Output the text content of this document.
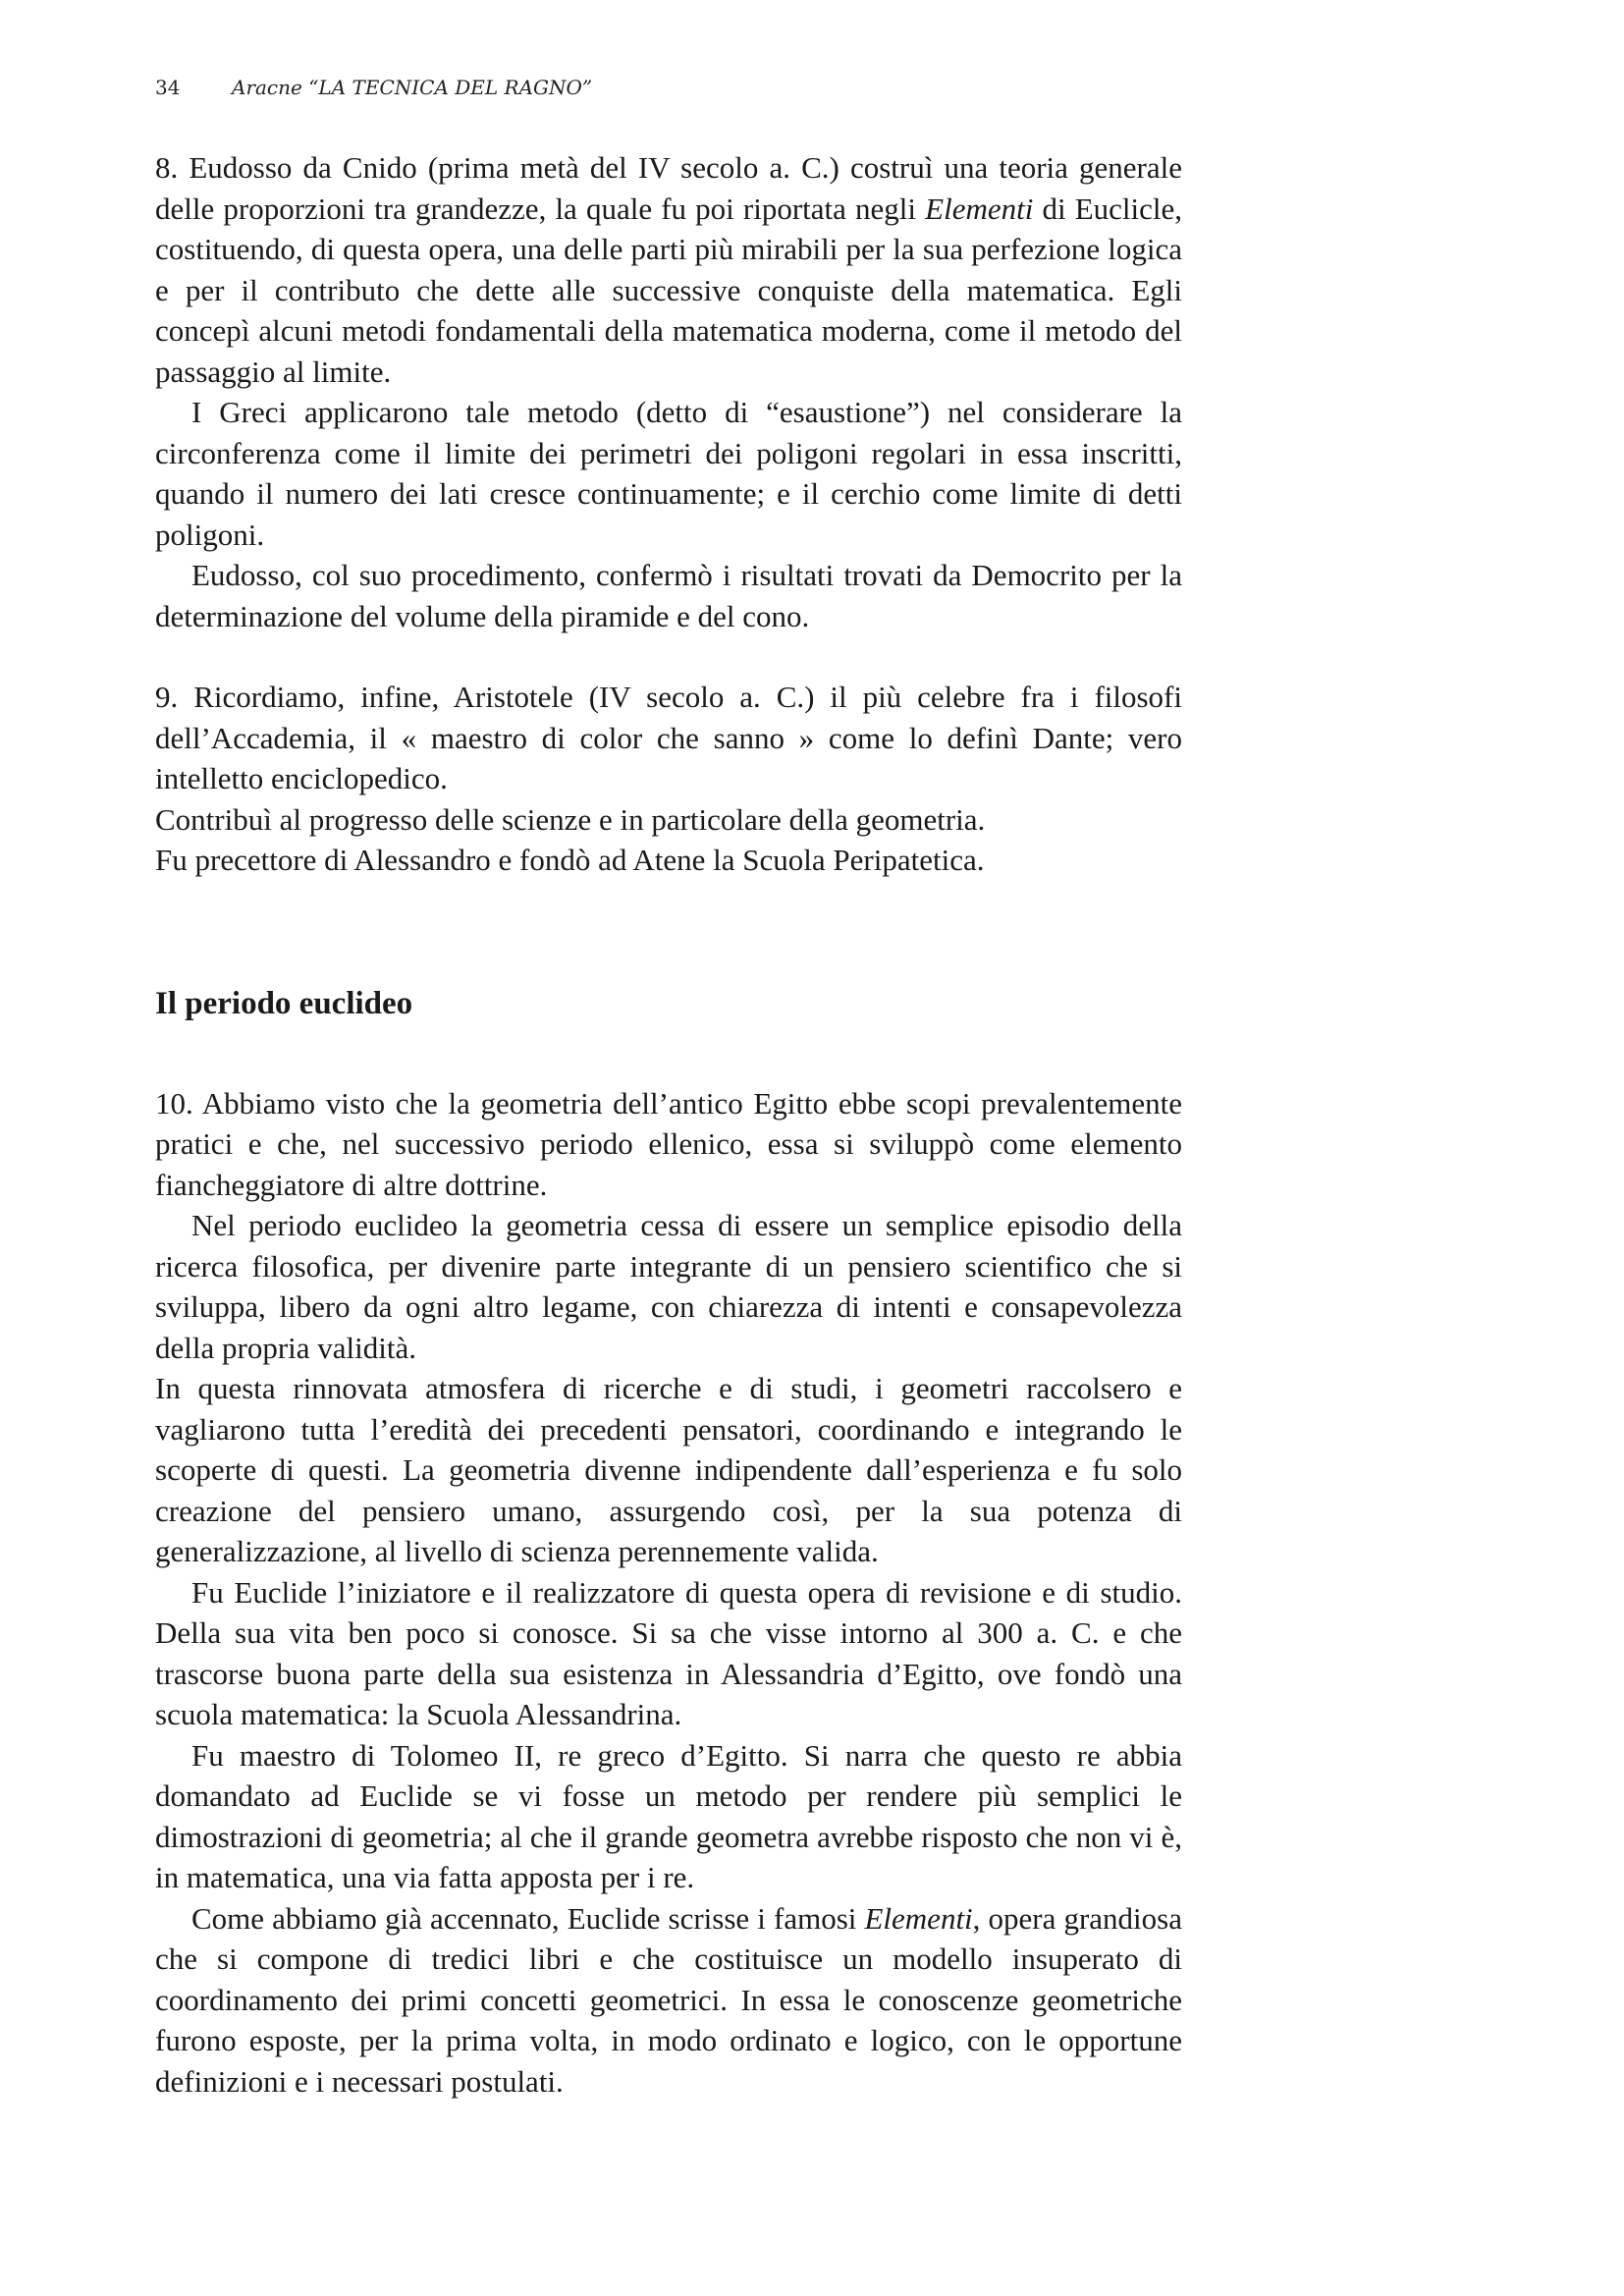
34	Aracne “LA TECNICA DEL RAGNO”

8. Eudosso da Cnido (prima metà del IV secolo a. C.) costruì una teoria generale delle proporzioni tra grandezze, la quale fu poi riportata negli Elementi di Euclicle, costituendo, di questa opera, una delle parti più mirabili per la sua perfezione logica e per il contributo che dette alle successive conquiste della matematica. Egli concepì alcuni metodi fondamentali della matematica moderna, come il metodo del passaggio al limite.

I Greci applicarono tale metodo (detto di “esaustione”) nel considerare la circonferenza come il limite dei perimetri dei poligoni regolari in essa inscritti, quando il numero dei lati cresce continuamente; e il cerchio come limite di detti poligoni.

Eudosso, col suo procedimento, confermò i risultati trovati da Democrito per la determinazione del volume della piramide e del cono.

9. Ricordiamo, infine, Aristotele (IV secolo a. C.) il più celebre fra i filosofi dell’Accademia, il « maestro di color che sanno » come lo definì Dante; vero intelletto enciclopedico.

Contribuì al progresso delle scienze e in particolare della geometria.

Fu precettore di Alessandro e fondò ad Atene la Scuola Peripatetica.

Il periodo euclideo

10. Abbiamo visto che la geometria dell’antico Egitto ebbe scopi prevalentemente pratici e che, nel successivo periodo ellenico, essa si sviluppò come elemento fiancheggiatore di altre dottrine.

Nel periodo euclideo la geometria cessa di essere un semplice episodio della ricerca filosofica, per divenire parte integrante di un pensiero scientifico che si sviluppa, libero da ogni altro legame, con chiarezza di intenti e consapevolezza della propria validità.

In questa rinnovata atmosfera di ricerche e di studi, i geometri raccolsero e vagliarono tutta l’eredità dei precedenti pensatori, coordinando e integrando le scoperte di questi. La geometria divenne indipendente dall’esperienza e fu solo creazione del pensiero umano, assurgendo così, per la sua potenza di generalizzazione, al livello di scienza perennemente valida.

Fu Euclide l’iniziatore e il realizzatore di questa opera di revisione e di studio. Della sua vita ben poco si conosce. Si sa che visse intorno al 300 a. C. e che trascorse buona parte della sua esistenza in Alessandria d’Egitto, ove fondò una scuola matematica: la Scuola Alessandrina.

Fu maestro di Tolomeo II, re greco d’Egitto. Si narra che questo re abbia domandato ad Euclide se vi fosse un metodo per rendere più semplici le dimostrazioni di geometria; al che il grande geometra avrebbe risposto che non vi è, in matematica, una via fatta apposta per i re.

Come abbiamo già accennato, Euclide scrisse i famosi Elementi, opera grandiosa che si compone di tredici libri e che costituisce un modello insuperato di coordinamento dei primi concetti geometrici. In essa le conoscenze geometriche furono esposte, per la prima volta, in modo ordinato e logico, con le opportune definizioni e i necessari postulati.
